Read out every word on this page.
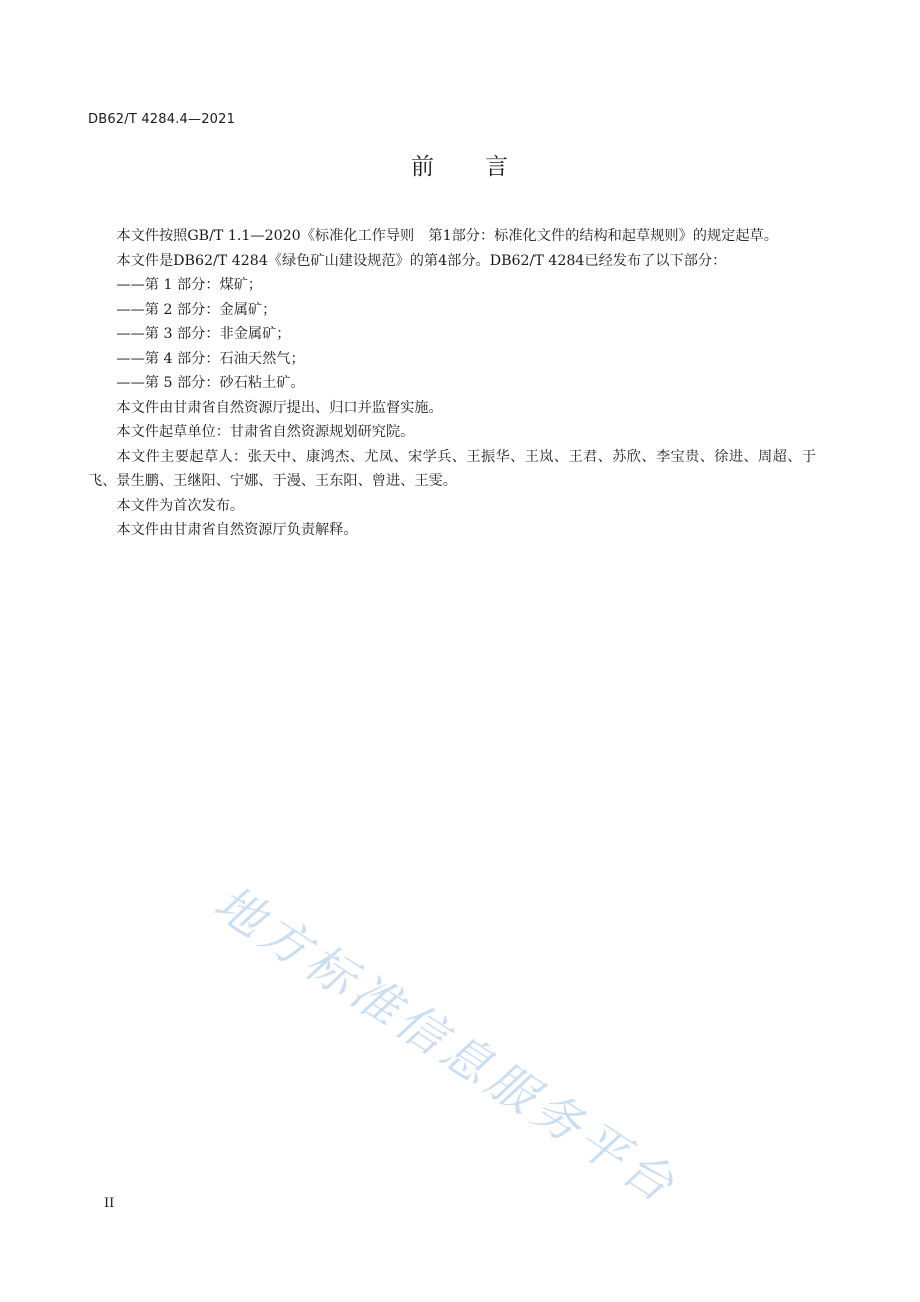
DB62/T 4284.4—2021
前 言

本文件按照GB/T 1.1—2020《标准化工作导则　第1部分：标准化文件的结构和起草规则》的规定起草。

本文件是DB62/T 4284《绿色矿山建设规范》的第4部分。DB62/T 4284已经发布了以下部分：

——第 1 部分：煤矿；

——第 2 部分：金属矿；

——第 3 部分：非金属矿；

——第 4 部分：石油天然气；

——第 5 部分：砂石粘土矿。

本文件由甘肃省自然资源厅提出、归口并监督实施。

本文件起草单位：甘肃省自然资源规划研究院。

本文件主要起草人：张天中、康鸿杰、尤凤、宋学兵、王振华、王岚、王君、苏欣、李宝贵、徐进、周超、于飞、景生鹏、王继阳、宁娜、于漫、王东阳、曾进、王雯。

本文件为首次发布。

本文件由甘肃省自然资源厅负责解释。

地方标准信息服务平台
II
